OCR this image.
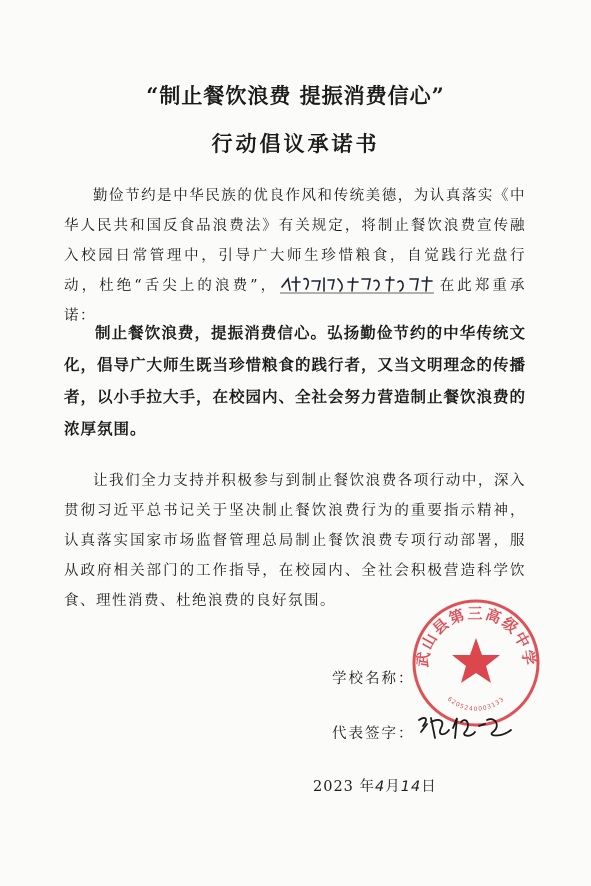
“制止餐饮浪费 提振消费信心”
行动倡议承诺书

勤俭节约是中华民族的优良作风和传统美德，为认真落实《中华人民共和国反食品浪费法》有关规定，将制止餐饮浪费宣传融入校园日常管理中，引导广大师生珍惜粮食，自觉践行光盘行动，杜绝“舌尖上的浪费”，	在此郑重承诺：

制止餐饮浪费，提振消费信心。弘扬勤俭节约的中华传统文化，倡导广大师生既当珍惜粮食的践行者，又当文明理念的传播者，以小手拉大手，在校园内、全社会努力营造制止餐饮浪费的浓厚氛围。

让我们全力支持并积极参与到制止餐饮浪费各项行动中，深入贯彻习近平总书记关于坚决制止餐饮浪费行为的重要指示精神，认真落实国家市场监督管理总局制止餐饮浪费专项行动部署，服从政府相关部门的工作指导，在校园内、全社会积极营造科学饮食、理性消费、杜绝浪费的良好氛围。

武山县第三高级中学
6205240003133

学校名称：

代表签字：

2023 年4月14日
